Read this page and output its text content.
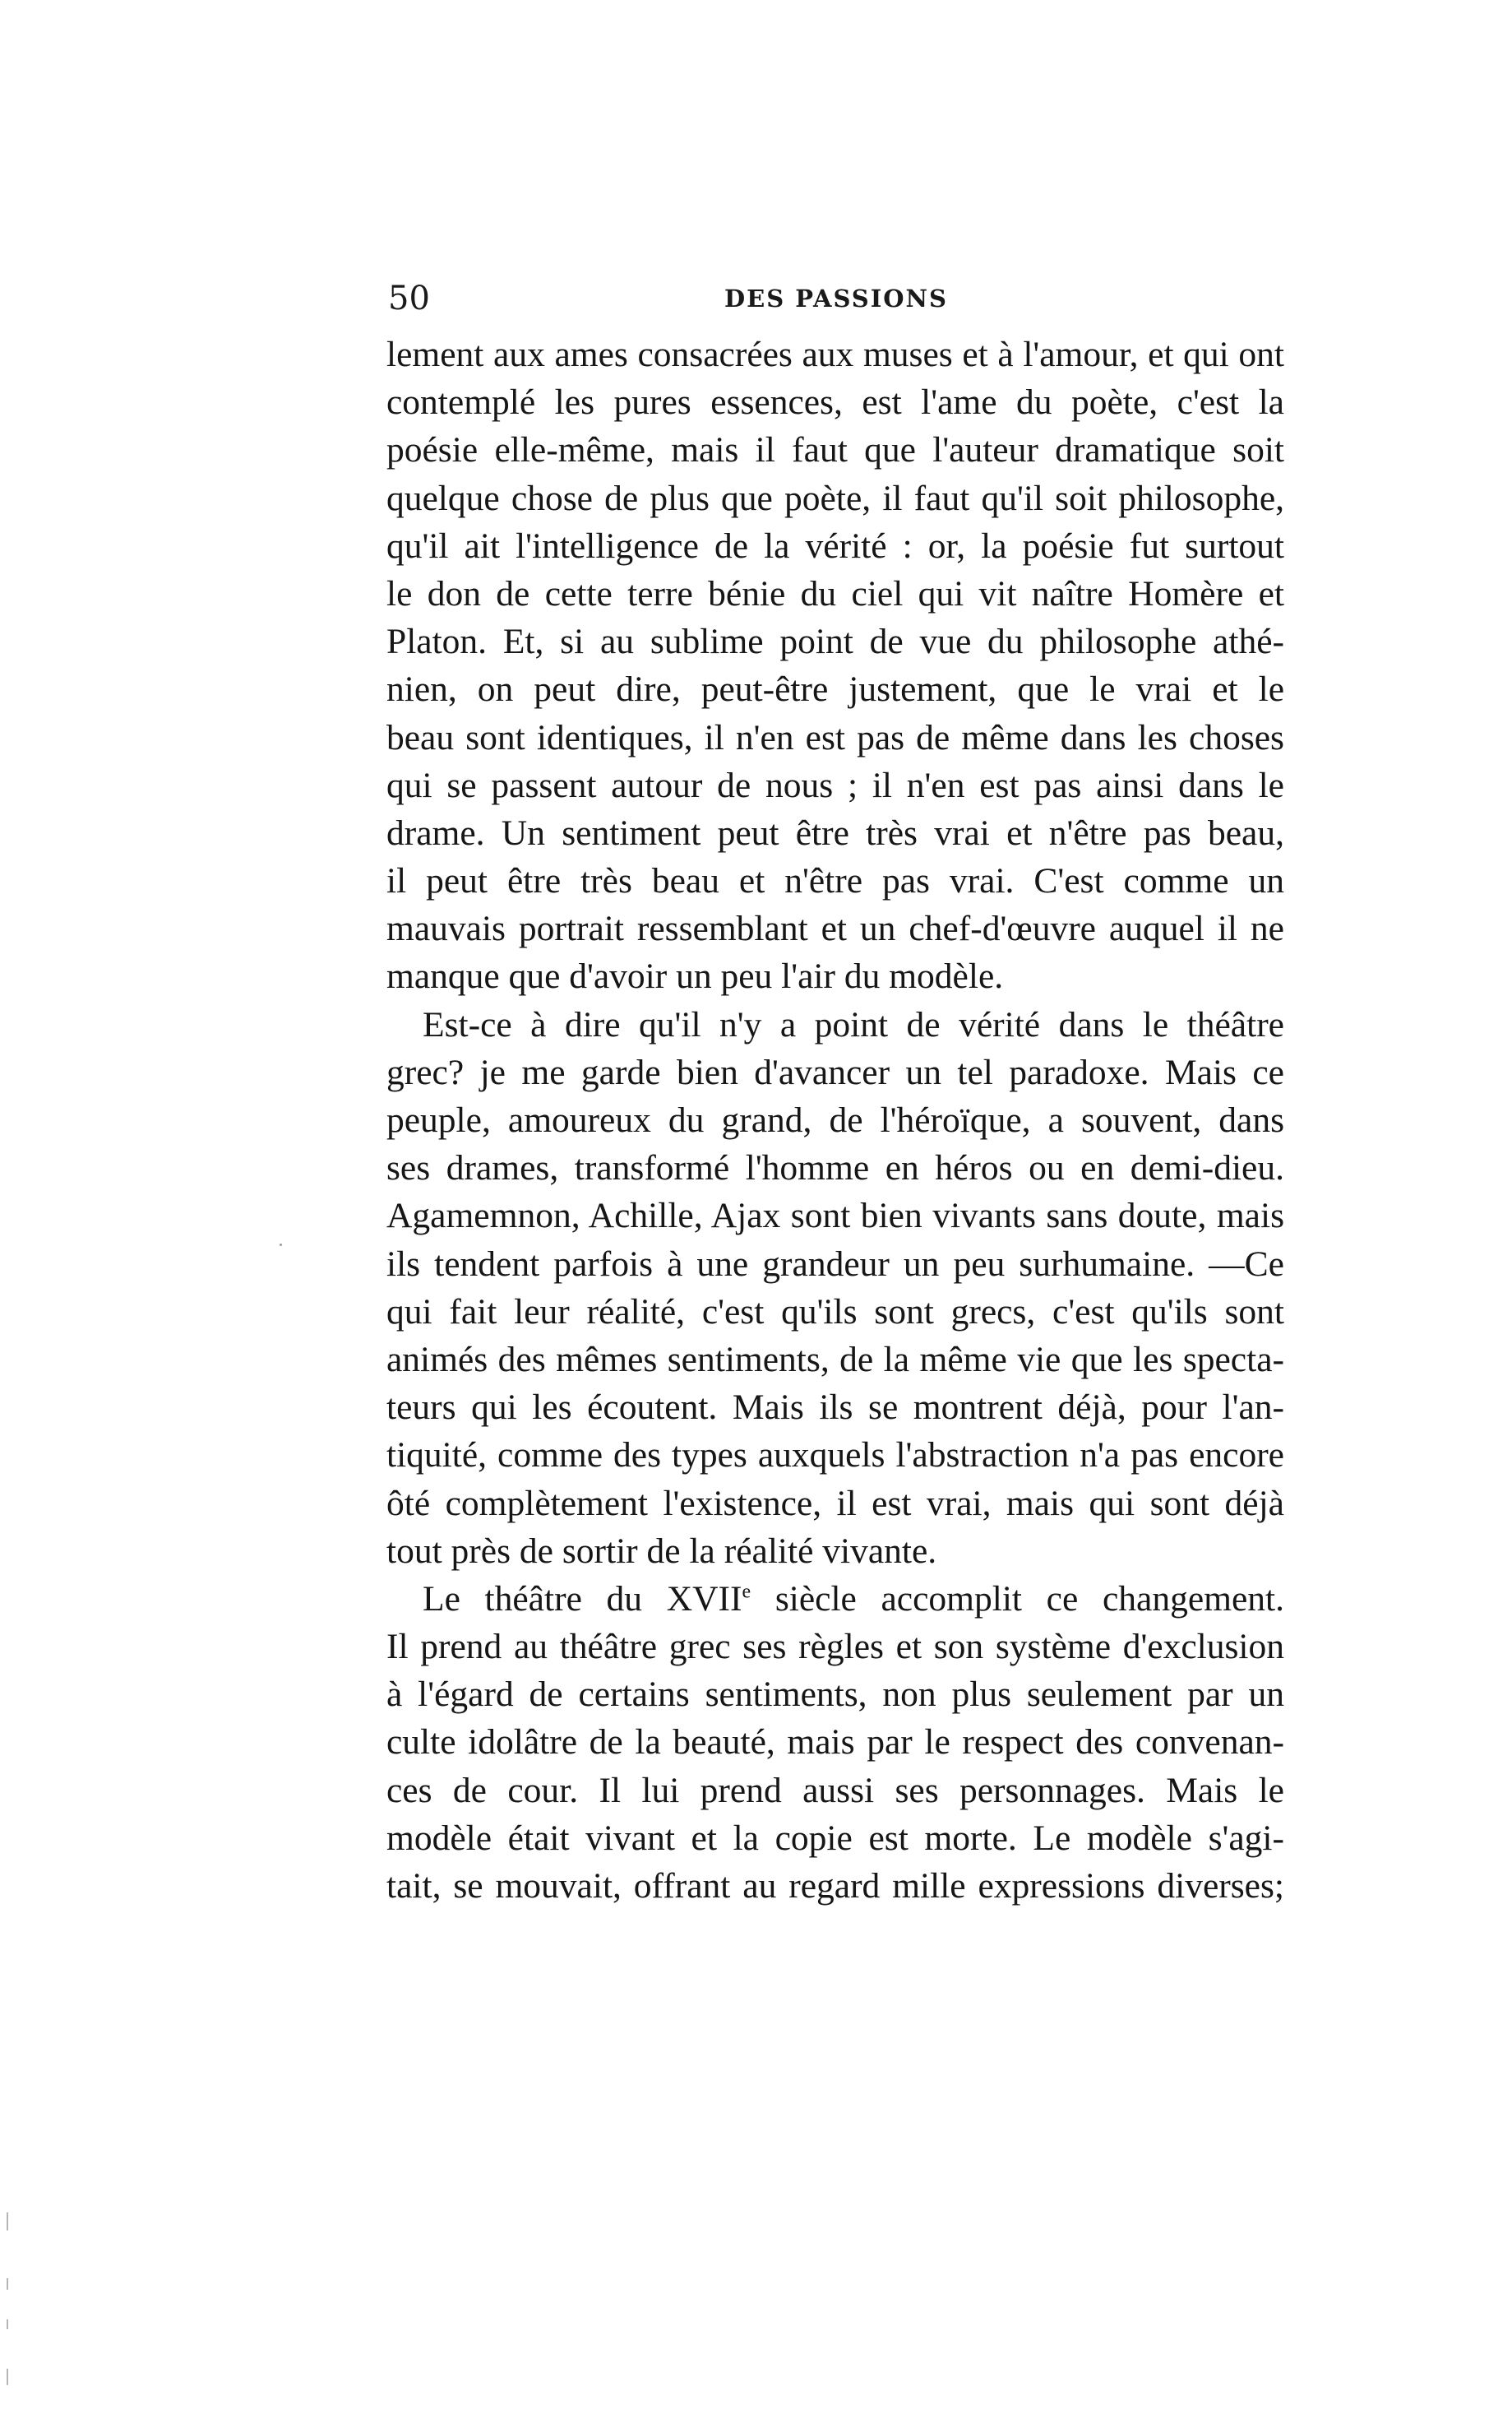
50	DES PASSIONS
lement aux ames consacrées aux muses et à l'amour, et qui ont
contemplé les pures essences, est l'ame du poète, c'est la
poésie elle-même, mais il faut que l'auteur dramatique soit
quelque chose de plus que poète, il faut qu'il soit philosophe,
qu'il ait l'intelligence de la vérité : or, la poésie fut surtout
le don de cette terre bénie du ciel qui vit naître Homère et
Platon. Et, si au sublime point de vue du philosophe athé-
nien, on peut dire, peut-être justement, que le vrai et le
beau sont identiques, il n'en est pas de même dans les choses
qui se passent autour de nous ; il n'en est pas ainsi dans le
drame. Un sentiment peut être très vrai et n'être pas beau,
il peut être très beau et n'être pas vrai. C'est comme un
mauvais portrait ressemblant et un chef-d'œuvre auquel il ne
manque que d'avoir un peu l'air du modèle.
Est-ce à dire qu'il n'y a point de vérité dans le théâtre
grec? je me garde bien d'avancer un tel paradoxe. Mais ce
peuple, amoureux du grand, de l'héroïque, a souvent, dans
ses drames, transformé l'homme en héros ou en demi-dieu.
Agamemnon, Achille, Ajax sont bien vivants sans doute, mais
ils tendent parfois à une grandeur un peu surhumaine. —Ce
qui fait leur réalité, c'est qu'ils sont grecs, c'est qu'ils sont
animés des mêmes sentiments, de la même vie que les specta-
teurs qui les écoutent. Mais ils se montrent déjà, pour l'an-
tiquité, comme des types auxquels l'abstraction n'a pas encore
ôté complètement l'existence, il est vrai, mais qui sont déjà
tout près de sortir de la réalité vivante.
Le théâtre du XVIIe siècle accomplit ce changement.
Il prend au théâtre grec ses règles et son système d'exclusion
à l'égard de certains sentiments, non plus seulement par un
culte idolâtre de la beauté, mais par le respect des convenan-
ces de cour. Il lui prend aussi ses personnages. Mais le
modèle était vivant et la copie est morte. Le modèle s'agi-
tait, se mouvait, offrant au regard mille expressions diverses;
